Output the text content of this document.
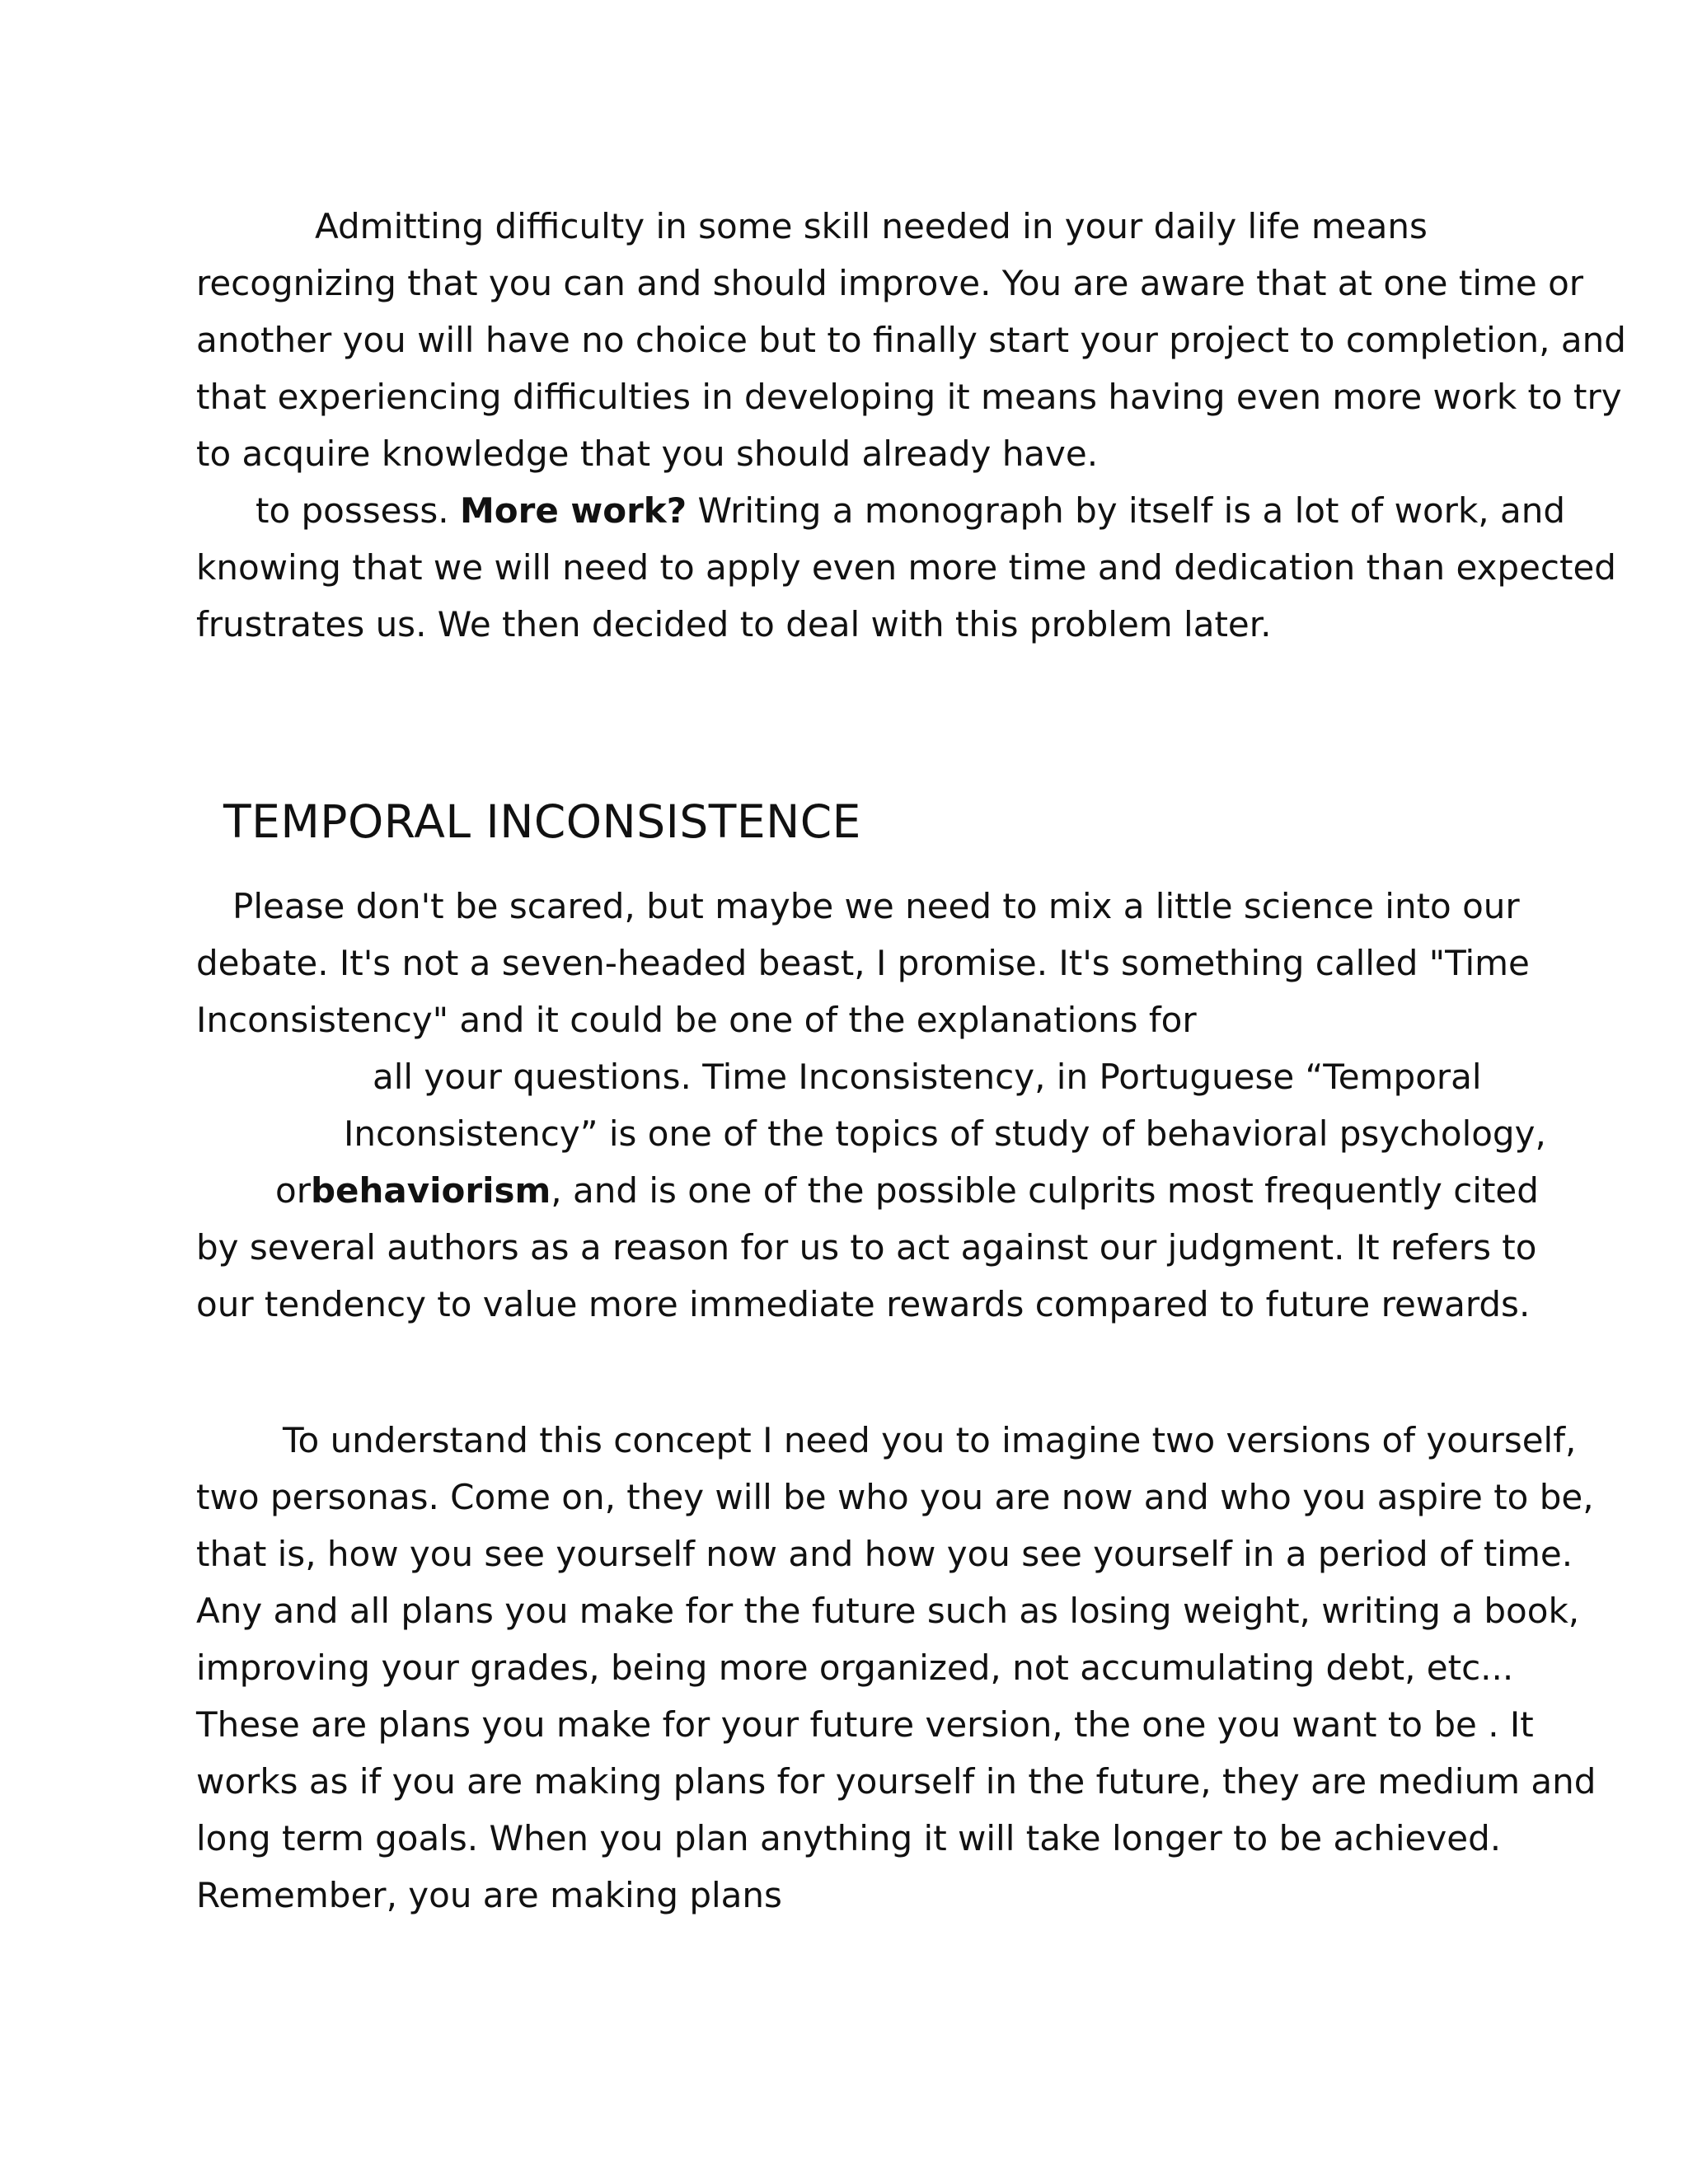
Admitting difficulty in some skill needed in your daily life means

recognizing that you can and should improve. You are aware that at one time or

another you will have no choice but to finally start your project to completion, and

that experiencing difficulties in developing it means having even more work to try

to acquire knowledge that you should already have.

to possess. More work? Writing a monograph by itself is a lot of work, and

knowing that we will need to apply even more time and dedication than expected

frustrates us. We then decided to deal with this problem later.

TEMPORAL INCONSISTENCE

Please don't be scared, but maybe we need to mix a little science into our

debate. It's not a seven-headed beast, I promise. It's something called "Time

Inconsistency" and it could be one of the explanations for

all your questions. Time Inconsistency, in Portuguese “Temporal

Inconsistency” is one of the topics of study of behavioral psychology,

orbehaviorism, and is one of the possible culprits most frequently cited

by several authors as a reason for us to act against our judgment. It refers to

our tendency to value more immediate rewards compared to future rewards.

To understand this concept I need you to imagine two versions of yourself,

two personas. Come on, they will be who you are now and who you aspire to be,

that is, how you see yourself now and how you see yourself in a period of time.

Any and all plans you make for the future such as losing weight, writing a book,

improving your grades, being more organized, not accumulating debt, etc...

These are plans you make for your future version, the one you want to be . It

works as if you are making plans for yourself in the future, they are medium and

long term goals. When you plan anything it will take longer to be achieved.

Remember, you are making plans
